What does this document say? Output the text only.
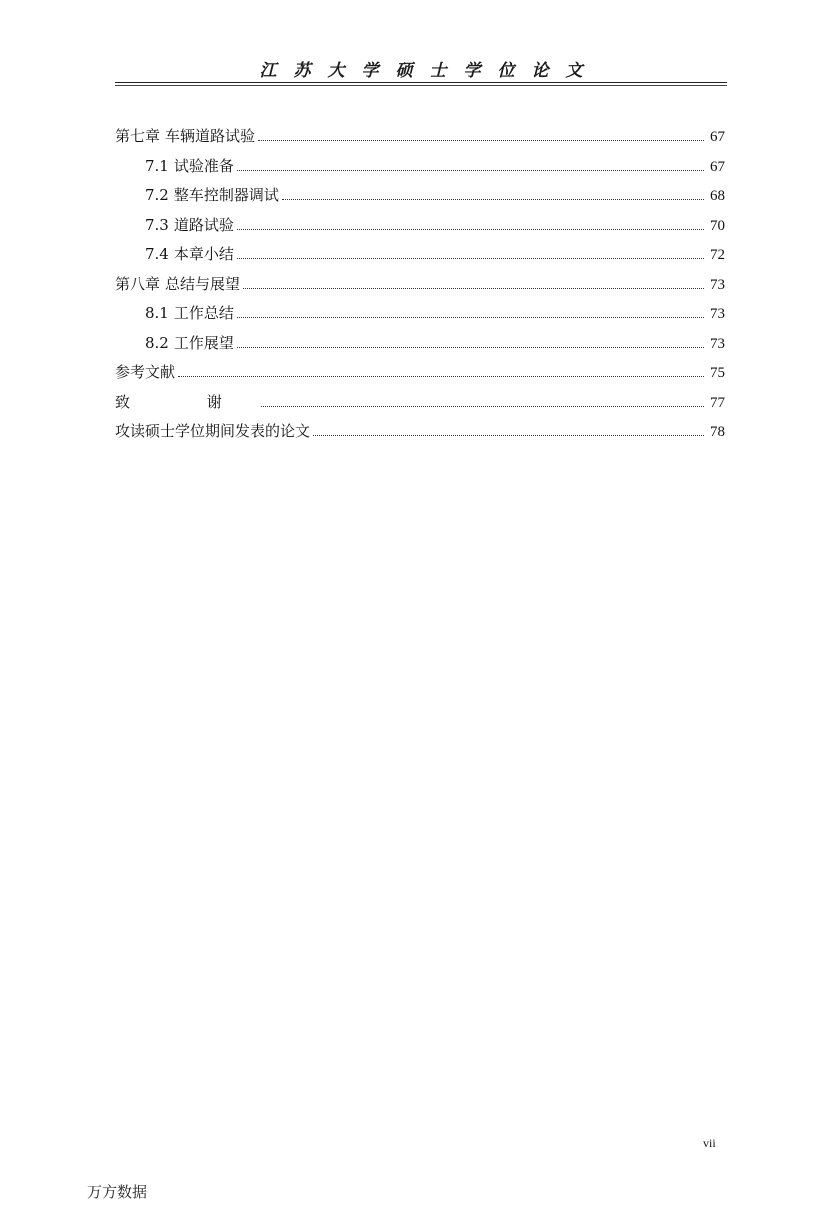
江苏大学硕士学位论文
第七章 车辆道路试验	67
7.1 试验准备	67
7.2 整车控制器调试	68
7.3 道路试验	70
7.4 本章小结	72
第八章 总结与展望	73
8.1 工作总结	73
8.2 工作展望	73
参考文献	75
致 谢	77
攻读硕士学位期间发表的论文	78
vii
万方数据
